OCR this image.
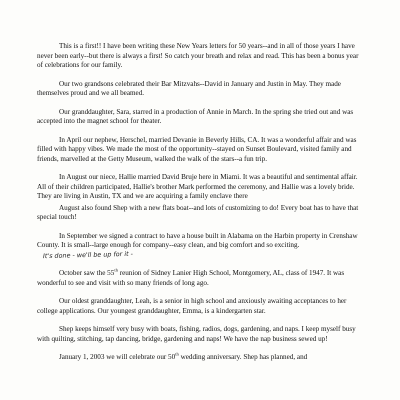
This is a first!! I have been writing these New Years letters for 50 years--and in all of those years I have never been early--but there is always a first! So catch your breath and relax and read. This has been a bonus year of celebrations for our family.

Our two grandsons celebrated their Bar Mitzvahs--David in January and Justin in May. They made themselves proud and we all beamed.

Our granddaughter, Sara, starred in a production of Annie in March. In the spring she tried out and was accepted into the magnet school for theater.

In April our nephew, Herschel, married Devanie in Beverly Hills, CA. It was a wonderful affair and was filled with happy vibes. We made the most of the opportunity--stayed on Sunset Boulevard, visited family and friends, marvelled at the Getty Museum, walked the walk of the stars--a fun trip.

In August our niece, Hallie married David Bruje here in Miami. It was a beautiful and sentimental affair. All of their children participated, Hallie's brother Mark performed the ceremony, and Hallie was a lovely bride. They are living in Austin, TX and we are acquiring a family enclave there

August also found Shep with a new flats boat--and lots of customizing to do! Every boat has to have that special touch!

In September we signed a contract to have a house built in Alabama on the Harbin property in Crenshaw County. It is small--large enough for company--easy clean, and big comfort and so exciting.It's done - we'll be up for it -

October saw the 55th reunion of Sidney Lanier High School, Montgomery, AL, class of 1947. It was wonderful to see and visit with so many friends of long ago.

Our oldest granddaughter, Leah, is a senior in high school and anxiously awaiting acceptances to her college applications. Our youngest granddaughter, Emma, is a kindergarten star.

Shep keeps himself very busy with boats, fishing, radios, dogs, gardening, and naps. I keep myself busy with quilting, stitching, tap dancing, bridge, gardening and naps! We have the nap business sewed up!

January 1, 2003 we will celebrate our 50th wedding anniversary. Shep has planned, and
